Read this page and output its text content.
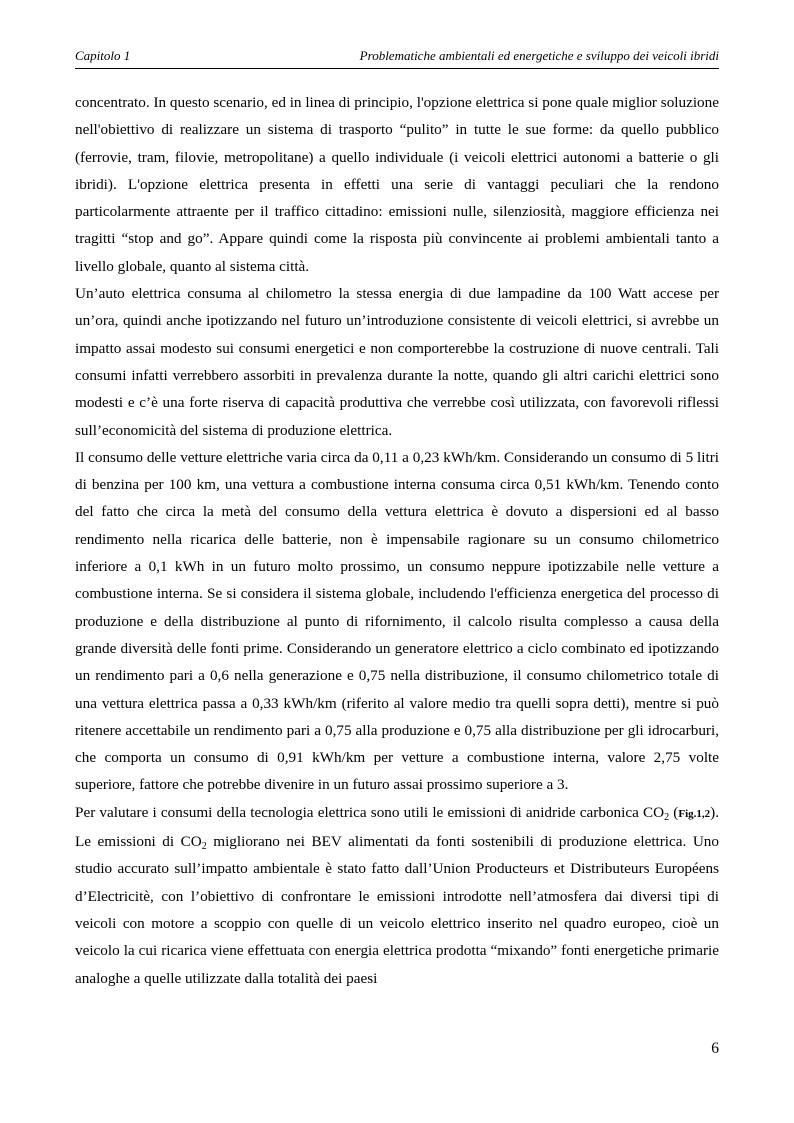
Capitolo 1	Problematiche ambientali ed energetiche e sviluppo dei veicoli ibridi

concentrato. In questo scenario, ed in linea di principio, l'opzione elettrica si pone quale miglior soluzione nell'obiettivo di realizzare un sistema di trasporto “pulito” in tutte le sue forme: da quello pubblico (ferrovie, tram, filovie, metropolitane) a quello individuale (i veicoli elettrici autonomi a batterie o gli ibridi). L'opzione elettrica presenta in effetti una serie di vantaggi peculiari che la rendono particolarmente attraente per il traffico cittadino: emissioni nulle, silenziosità, maggiore efficienza nei tragitti “stop and go”. Appare quindi come la risposta più convincente ai problemi ambientali tanto a livello globale, quanto al sistema città.

Un’auto elettrica consuma al chilometro la stessa energia di due lampadine da 100 Watt accese per un’ora, quindi anche ipotizzando nel futuro un’introduzione consistente di veicoli elettrici, si avrebbe un impatto assai modesto sui consumi energetici e non comporterebbe la costruzione di nuove centrali. Tali consumi infatti verrebbero assorbiti in prevalenza durante la notte, quando gli altri carichi elettrici sono modesti e c’è una forte riserva di capacità produttiva che verrebbe così utilizzata, con favorevoli riflessi sull’economicità del sistema di produzione elettrica.

Il consumo delle vetture elettriche varia circa da 0,11 a 0,23 kWh/km. Considerando un consumo di 5 litri di benzina per 100 km, una vettura a combustione interna consuma circa 0,51 kWh/km. Tenendo conto del fatto che circa la metà del consumo della vettura elettrica è dovuto a dispersioni ed al basso rendimento nella ricarica delle batterie, non è impensabile ragionare su un consumo chilometrico inferiore a 0,1 kWh in un futuro molto prossimo, un consumo neppure ipotizzabile nelle vetture a combustione interna. Se si considera il sistema globale, includendo l'efficienza energetica del processo di produzione e della distribuzione al punto di rifornimento, il calcolo risulta complesso a causa della grande diversità delle fonti prime. Considerando un generatore elettrico a ciclo combinato ed ipotizzando un rendimento pari a 0,6 nella generazione e 0,75 nella distribuzione, il consumo chilometrico totale di una vettura elettrica passa a 0,33 kWh/km (riferito al valore medio tra quelli sopra detti), mentre si può ritenere accettabile un rendimento pari a 0,75 alla produzione e 0,75 alla distribuzione per gli idrocarburi, che comporta un consumo di 0,91 kWh/km per vetture a combustione interna, valore 2,75 volte superiore, fattore che potrebbe divenire in un futuro assai prossimo superiore a 3.

Per valutare i consumi della tecnologia elettrica sono utili le emissioni di anidride carbonica $CO_2$ (Fig.1,2). Le emissioni di $CO_2$ migliorano nei BEV alimentati da fonti sostenibili di produzione elettrica. Uno studio accurato sull’impatto ambientale è stato fatto dall’Union Producteurs et Distributeurs Européens d’Electricitè, con l’obiettivo di confrontare le emissioni introdotte nell’atmosfera dai diversi tipi di veicoli con motore a scoppio con quelle di un veicolo elettrico inserito nel quadro europeo, cioè un veicolo la cui ricarica viene effettuata con energia elettrica prodotta “mixando” fonti energetiche primarie analoghe a quelle utilizzate dalla totalità dei paesi

6
